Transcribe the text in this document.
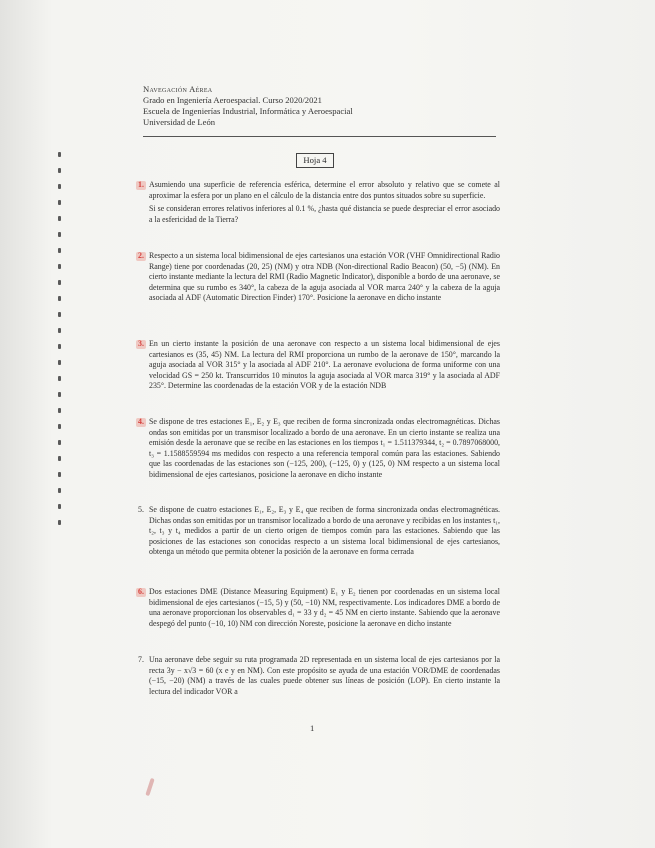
Navegación Aérea
Grado en Ingeniería Aeroespacial. Curso 2020/2021
Escuela de Ingenierías Industrial, Informática y Aeroespacial
Universidad de León
Hoja 4
1. Asumiendo una superficie de referencia esférica, determine el error absoluto y relativo que se comete al aproximar la esfera por un plano en el cálculo de la distancia entre dos puntos situados sobre su superficie.

Si se consideran errores relativos inferiores al 0.1 %, ¿hasta qué distancia se puede despreciar el error asociado a la esfericidad de la Tierra?

2. Respecto a un sistema local bidimensional de ejes cartesianos una estación VOR (VHF Omnidirectional Radio Range) tiene por coordenadas (20, 25) (NM) y otra NDB (Non-directional Radio Beacon) (50, −5) (NM). En cierto instante mediante la lectura del RMI (Radio Magnetic Indicator), disponible a bordo de una aeronave, se determina que su rumbo es 340°, la cabeza de la aguja asociada al VOR marca 240° y la cabeza de la aguja asociada al ADF (Automatic Direction Finder) 170°. Posicione la aeronave en dicho instante

3. En un cierto instante la posición de una aeronave con respecto a un sistema local bidimensional de ejes cartesianos es (35, 45) NM. La lectura del RMI proporciona un rumbo de la aeronave de 150°, marcando la aguja asociada al VOR 315° y la asociada al ADF 210°. La aeronave evoluciona de forma uniforme con una velocidad GS = 250 kt. Transcurridos 10 minutos la aguja asociada al VOR marca 319° y la asociada al ADF 235°. Determine las coordenadas de la estación VOR y de la estación NDB

4. Se dispone de tres estaciones E₁, E₂ y E₃ que reciben de forma sincronizada ondas electromagnéticas. Dichas ondas son emitidas por un transmisor localizado a bordo de una aeronave. En un cierto instante se realiza una emisión desde la aeronave que se recibe en las estaciones en los tiempos t₁ = 1.511379344, t₂ = 0.7897068000, t₃ = 1.1588559594 ms medidos con respecto a una referencia temporal común para las estaciones. Sabiendo que las coordenadas de las estaciones son (−125, 200), (−125, 0) y (125, 0) NM respecto a un sistema local bidimensional de ejes cartesianos, posicione la aeronave en dicho instante

5. Se dispone de cuatro estaciones E₁, E₂, E₃ y E₄ que reciben de forma sincronizada ondas electromagnéticas. Dichas ondas son emitidas por un transmisor localizado a bordo de una aeronave y recibidas en los instantes t₁, t₂, t₃ y t₄ medidos a partir de un cierto origen de tiempos común para las estaciones. Sabiendo que las posiciones de las estaciones son conocidas respecto a un sistema local bidimensional de ejes cartesianos, obtenga un método que permita obtener la posición de la aeronave en forma cerrada

6. Dos estaciones DME (Distance Measuring Equipment) E₁ y E₂ tienen por coordenadas en un sistema local bidimensional de ejes cartesianos (−15, 5) y (50, −10) NM, respectivamente. Los indicadores DME a bordo de una aeronave proporcionan los observables d₁ = 33 y d₂ = 45 NM en cierto instante. Sabiendo que la aeronave despegó del punto (−10, 10) NM con dirección Noreste, posicione la aeronave en dicho instante

7. Una aeronave debe seguir su ruta programada 2D representada en un sistema local de ejes cartesianos por la recta 3y − x√3 = 60 (x e y en NM). Con este propósito se ayuda de una estación VOR/DME de coordenadas (−15, −20) (NM) a través de las cuales puede obtener sus líneas de posición (LOP). En cierto instante la lectura del indicador VOR a

1
